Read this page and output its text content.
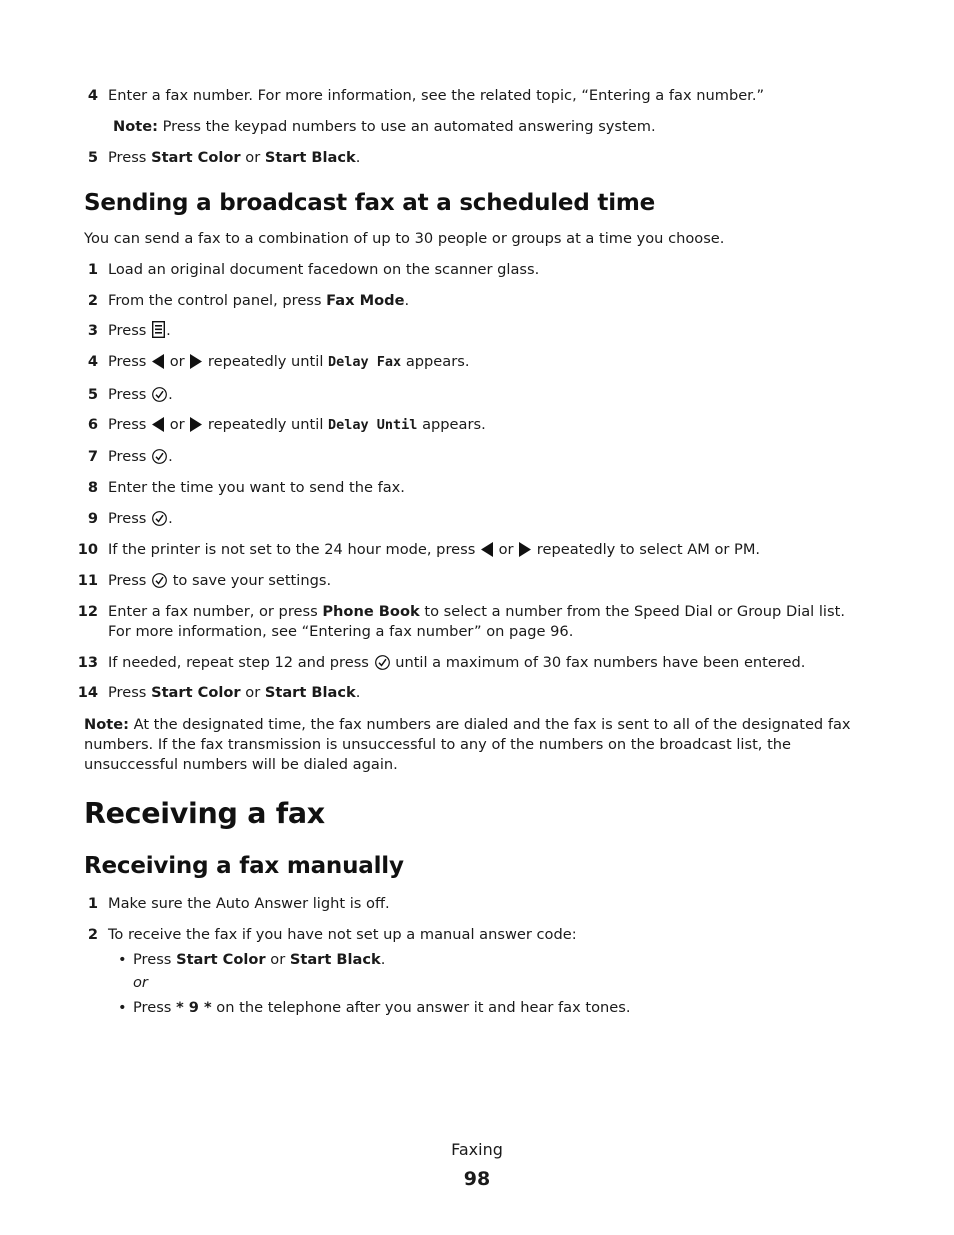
4 Enter a fax number. For more information, see the related topic, “Entering a fax number.”
Note: Press the keypad numbers to use an automated answering system.
5 Press Start Color or Start Black.
Sending a broadcast fax at a scheduled time
You can send a fax to a combination of up to 30 people or groups at a time you choose.
1 Load an original document facedown on the scanner glass.
2 From the control panel, press Fax Mode.
3 Press .
4 Press  or  repeatedly until Delay Fax appears.
5 Press .
6 Press  or  repeatedly until Delay Until appears.
7 Press .
8 Enter the time you want to send the fax.
9 Press .
10 If the printer is not set to the 24 hour mode, press  or  repeatedly to select AM or PM.
11 Press  to save your settings.
12 Enter a fax number, or press Phone Book to select a number from the Speed Dial or Group Dial list. For more information, see “Entering a fax number” on page 96.
13 If needed, repeat step 12 and press  until a maximum of 30 fax numbers have been entered.
14 Press Start Color or Start Black.
Note: At the designated time, the fax numbers are dialed and the fax is sent to all of the designated fax numbers. If the fax transmission is unsuccessful to any of the numbers on the broadcast list, the unsuccessful numbers will be dialed again.
Receiving a fax
Receiving a fax manually
1 Make sure the Auto Answer light is off.
2 To receive the fax if you have not set up a manual answer code:
• Press Start Color or Start Black.
or
• Press * 9 * on the telephone after you answer it and hear fax tones.
Faxing
98
